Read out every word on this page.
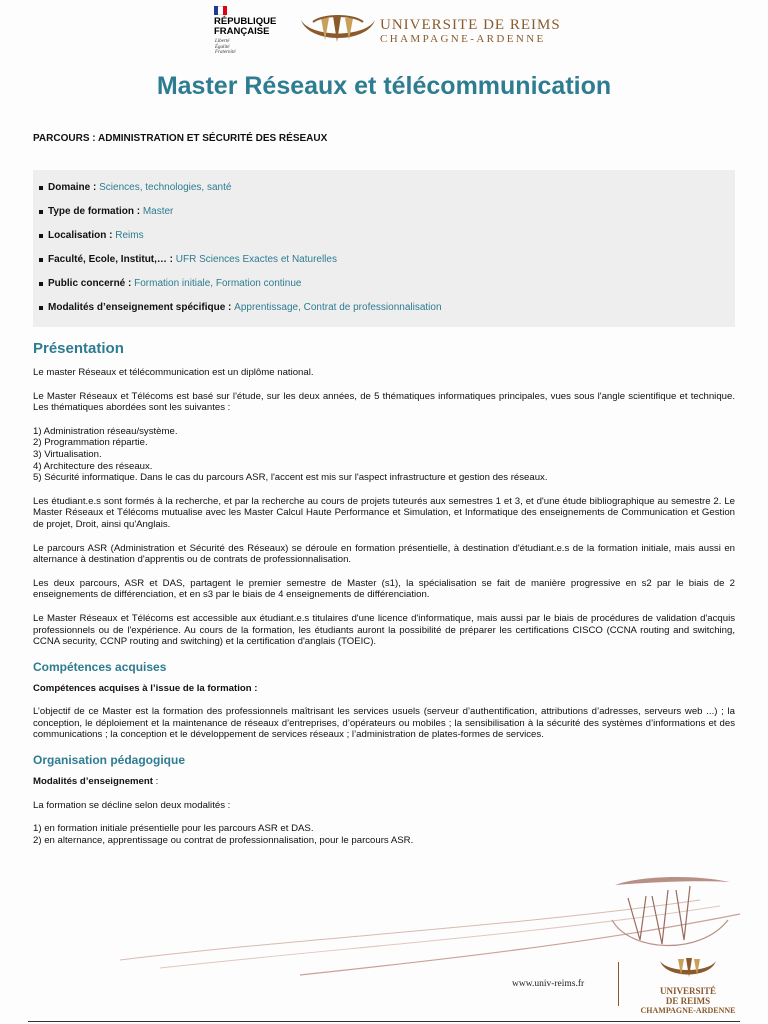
RÉPUBLIQUE
FRANÇAISE
Liberté
Égalité
Fraternité
UNIVERSITE DE REIMS
CHAMPAGNE-ARDENNE
Master Réseaux et télécommunication
PARCOURS : ADMINISTRATION ET SÉCURITÉ DES RÉSEAUX
Domaine : Sciences, technologies, santé
Type de formation : Master
Localisation : Reims
Faculté, Ecole, Institut,… : UFR Sciences Exactes et Naturelles
Public concerné : Formation initiale, Formation continue
Modalités d’enseignement spécifique : Apprentissage, Contrat de professionnalisation
Présentation

Le master Réseaux et télécommunication est un diplôme national.

Le Master Réseaux et Télécoms est basé sur l'étude, sur les deux années, de 5 thématiques informatiques principales, vues sous l'angle scientifique et technique. Les thématiques abordées sont les suivantes :

1) Administration réseau/système.
2) Programmation répartie.
3) Virtualisation.
4) Architecture des réseaux.
5) Sécurité informatique. Dans le cas du parcours ASR, l'accent est mis sur l'aspect infrastructure et gestion des réseaux.

Les étudiant.e.s sont formés à la recherche, et par la recherche au cours de projets tuteurés aux semestres 1 et 3, et d'une étude bibliographique au semestre 2. Le Master Réseaux et Télécoms mutualise avec les Master Calcul Haute Performance et Simulation, et Informatique des enseignements de Communication et Gestion de projet, Droit, ainsi qu'Anglais.

Le parcours ASR (Administration et Sécurité des Réseaux) se déroule en formation présentielle, à destination d'étudiant.e.s de la formation initiale, mais aussi en alternance à destination d'apprentis ou de contrats de professionnalisation.

Les deux parcours, ASR et DAS, partagent le premier semestre de Master (s1), la spécialisation se fait de manière progressive en s2 par le biais de 2 enseignements de différenciation, et en s3 par le biais de 4 enseignements de différenciation.

Le Master Réseaux et Télécoms est accessible aux étudiant.e.s titulaires d'une licence d'informatique, mais aussi par le biais de procédures de validation d'acquis professionnels ou de l'expérience. Au cours de la formation, les étudiants auront la possibilité de préparer les certifications CISCO (CCNA routing and switching, CCNA security, CCNP routing and switching) et la certification d'anglais (TOEIC).

Compétences acquises

Compétences acquises à l’issue de la formation :

L’objectif de ce Master est la formation des professionnels maîtrisant les services usuels (serveur d’authentification, attributions d’adresses, serveurs web ...) ; la conception, le déploiement et la maintenance de réseaux d’entreprises, d’opérateurs ou mobiles ; la sensibilisation à la sécurité des systèmes d’informations et des communications ; la conception et le développement de services réseaux ; l’administration de plates-formes de services.

Organisation pédagogique

Modalités d’enseignement :

La formation se décline selon deux modalités :

1) en formation initiale présentielle pour les parcours ASR et DAS.
2) en alternance, apprentissage ou contrat de professionnalisation, pour le parcours ASR.
www.univ-reims.fr
UNIVERSITÉ
DE REIMS
CHAMPAGNE-ARDENNE
